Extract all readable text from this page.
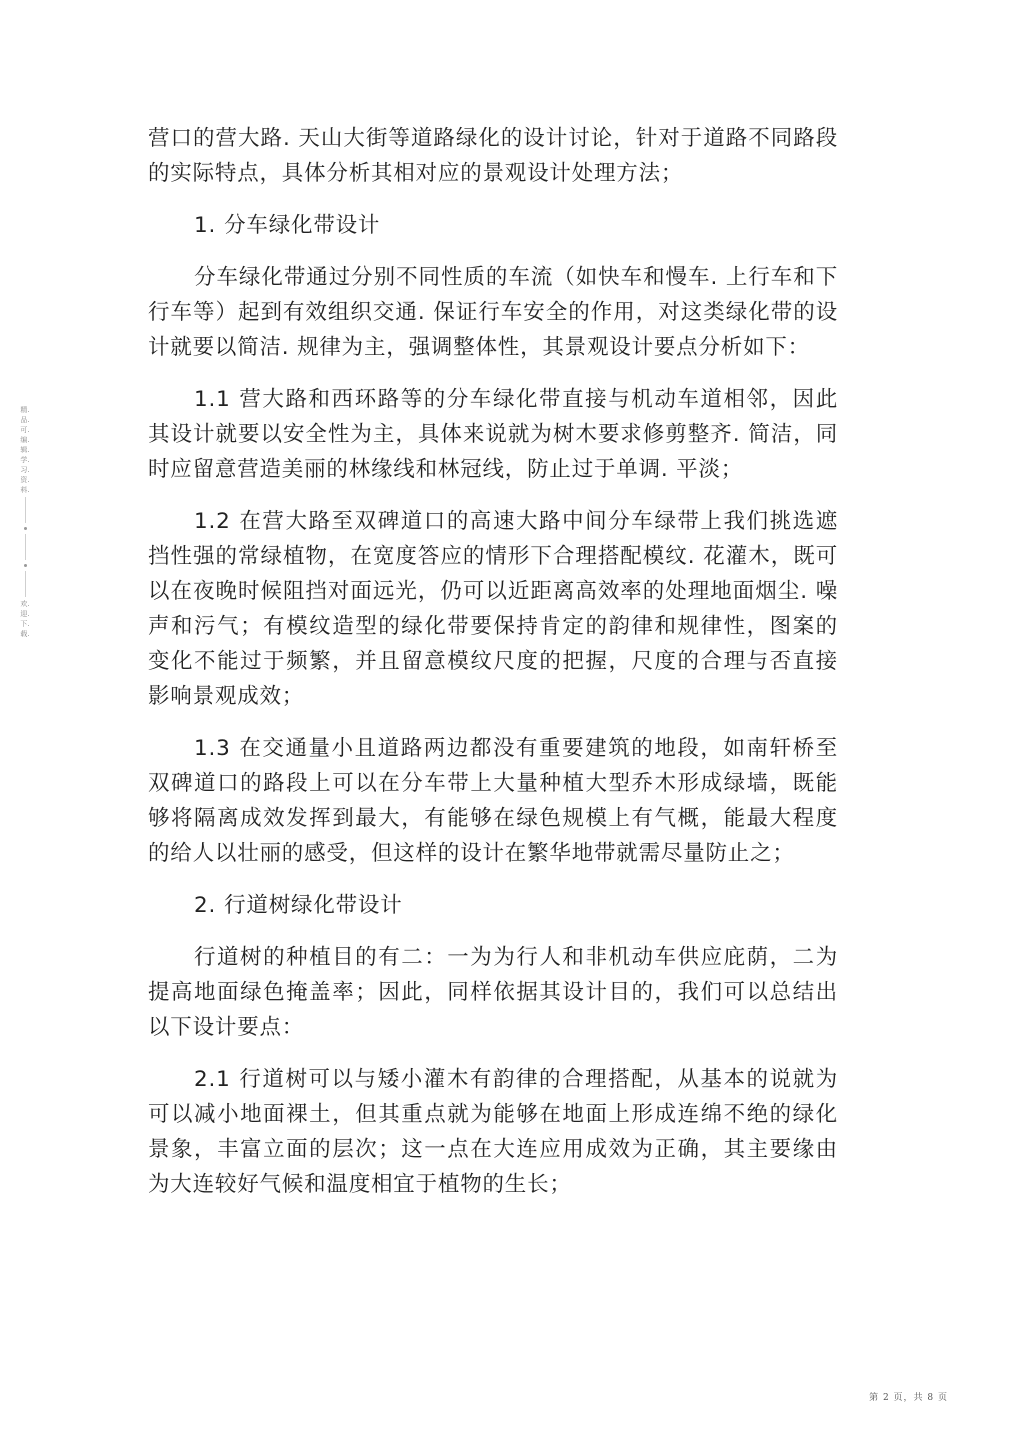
精.品.可.编.辑.学.习.资.料.
欢.迎.下.载.

营口的营大路. 天山大街等道路绿化的设计讨论，针对于道路不同路段的实际特点，具体分析其相对应的景观设计处理方法；

1. 分车绿化带设计

分车绿化带通过分别不同性质的车流（如快车和慢车. 上行车和下行车等）起到有效组织交通. 保证行车安全的作用，对这类绿化带的设计就要以简洁. 规律为主，强调整体性，其景观设计要点分析如下：

1.1 营大路和西环路等的分车绿化带直接与机动车道相邻，因此其设计就要以安全性为主，具体来说就为树木要求修剪整齐. 简洁，同时应留意营造美丽的林缘线和林冠线，防止过于单调. 平淡；

1.2 在营大路至双碑道口的高速大路中间分车绿带上我们挑选遮挡性强的常绿植物，在宽度答应的情形下合理搭配模纹. 花灌木，既可以在夜晚时候阻挡对面远光，仍可以近距离高效率的处理地面烟尘. 噪声和污气；有模纹造型的绿化带要保持肯定的韵律和规律性，图案的变化不能过于频繁，并且留意模纹尺度的把握，尺度的合理与否直接影响景观成效；

1.3 在交通量小且道路两边都没有重要建筑的地段，如南轩桥至双碑道口的路段上可以在分车带上大量种植大型乔木形成绿墙，既能够将隔离成效发挥到最大，有能够在绿色规模上有气概，能最大程度的给人以壮丽的感受，但这样的设计在繁华地带就需尽量防止之；

2. 行道树绿化带设计

行道树的种植目的有二：一为为行人和非机动车供应庇荫，二为提高地面绿色掩盖率；因此，同样依据其设计目的，我们可以总结出以下设计要点：

2.1 行道树可以与矮小灌木有韵律的合理搭配，从基本的说就为可以减小地面裸土，但其重点就为能够在地面上形成连绵不绝的绿化景象，丰富立面的层次；这一点在大连应用成效为正确，其主要缘由为大连较好气候和温度相宜于植物的生长；

第 2 页，共 8 页
